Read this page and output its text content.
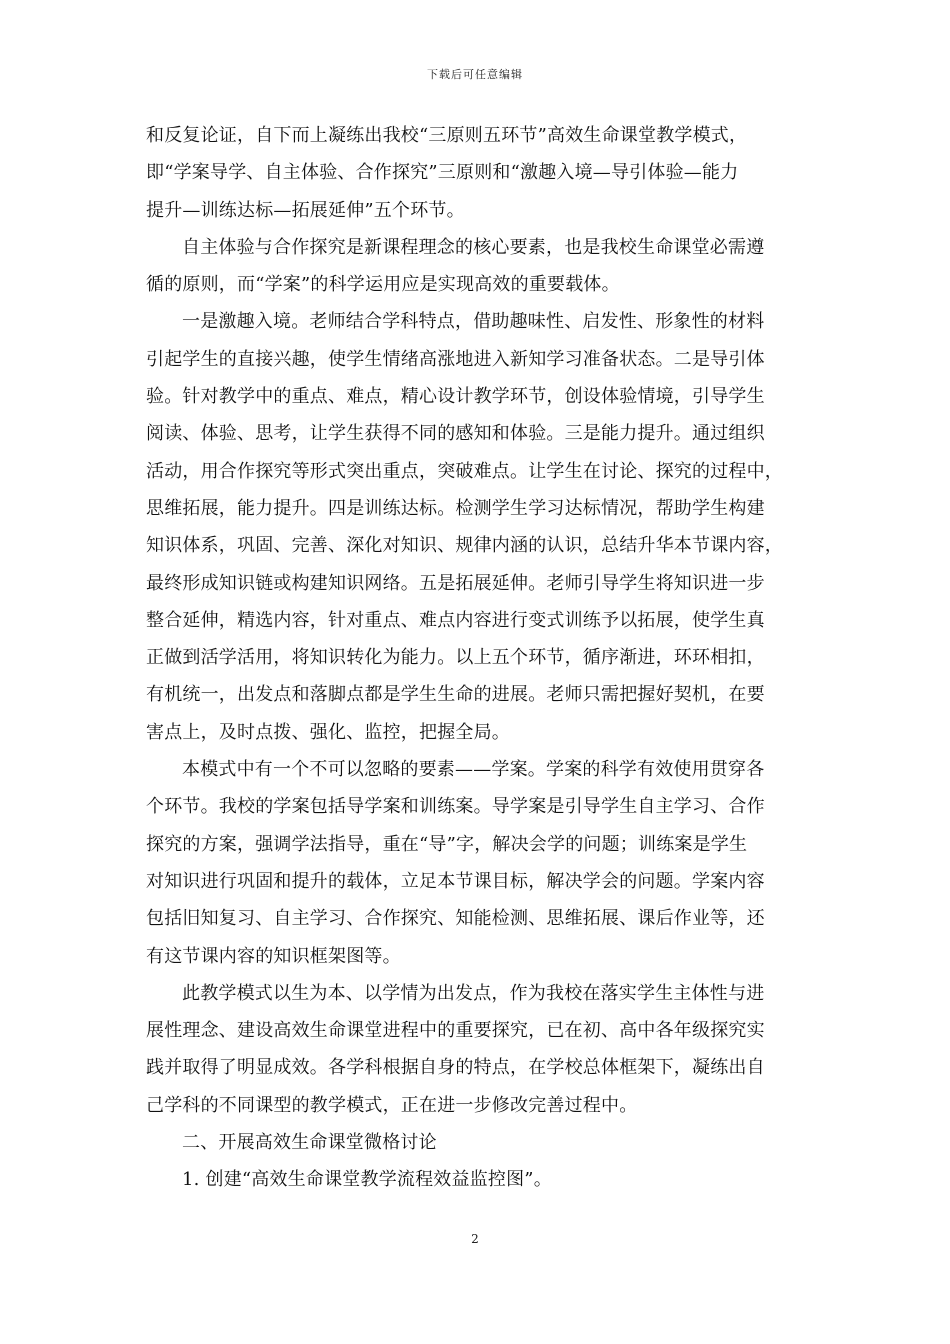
下载后可任意编辑
和反复论证，自下而上凝练出我校“三原则五环节”高效生命课堂教学模式，
即“学案导学、自主体验、合作探究”三原则和“激趣入境—导引体验—能力
提升—训练达标—拓展延伸”五个环节。
自主体验与合作探究是新课程理念的核心要素，也是我校生命课堂必需遵
循的原则，而“学案”的科学运用应是实现高效的重要载体。
一是激趣入境。老师结合学科特点，借助趣味性、启发性、形象性的材料
引起学生的直接兴趣，使学生情绪高涨地进入新知学习准备状态。二是导引体
验。针对教学中的重点、难点，精心设计教学环节，创设体验情境，引导学生
阅读、体验、思考，让学生获得不同的感知和体验。三是能力提升。通过组织
活动，用合作探究等形式突出重点，突破难点。让学生在讨论、探究的过程中，
思维拓展，能力提升。四是训练达标。检测学生学习达标情况，帮助学生构建
知识体系，巩固、完善、深化对知识、规律内涵的认识，总结升华本节课内容，
最终形成知识链或构建知识网络。五是拓展延伸。老师引导学生将知识进一步
整合延伸，精选内容，针对重点、难点内容进行变式训练予以拓展，使学生真
正做到活学活用，将知识转化为能力。以上五个环节，循序渐进，环环相扣，
有机统一，出发点和落脚点都是学生生命的进展。老师只需把握好契机，在要
害点上，及时点拨、强化、监控，把握全局。
本模式中有一个不可以忽略的要素——学案。学案的科学有效使用贯穿各
个环节。我校的学案包括导学案和训练案。导学案是引导学生自主学习、合作
探究的方案，强调学法指导，重在“导”字，解决会学的问题；训练案是学生
对知识进行巩固和提升的载体，立足本节课目标，解决学会的问题。学案内容
包括旧知复习、自主学习、合作探究、知能检测、思维拓展、课后作业等，还
有这节课内容的知识框架图等。
此教学模式以生为本、以学情为出发点，作为我校在落实学生主体性与进
展性理念、建设高效生命课堂进程中的重要探究，已在初、高中各年级探究实
践并取得了明显成效。各学科根据自身的特点，在学校总体框架下，凝练出自
己学科的不同课型的教学模式，正在进一步修改完善过程中。
二、开展高效生命课堂微格讨论
1. 创建“高效生命课堂教学流程效益监控图”。
2
